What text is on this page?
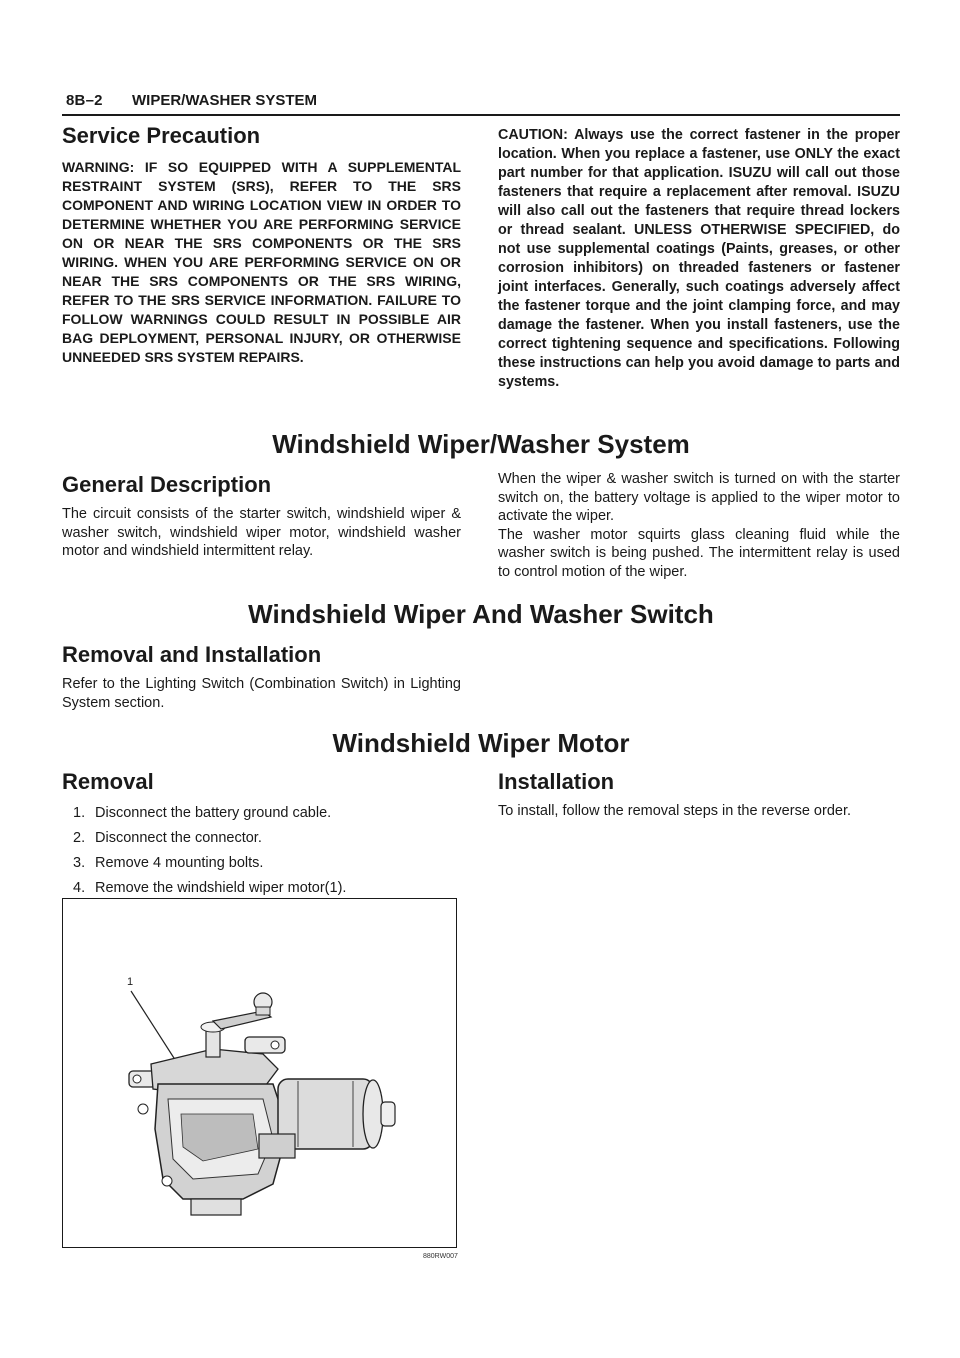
8B–2 WIPER/WASHER SYSTEM
Service Precaution

WARNING: IF SO EQUIPPED WITH A SUPPLEMENTAL RESTRAINT SYSTEM (SRS), REFER TO THE SRS COMPONENT AND WIRING LOCATION VIEW IN ORDER TO DETERMINE WHETHER YOU ARE PERFORMING SERVICE ON OR NEAR THE SRS COMPONENTS OR THE SRS WIRING. WHEN YOU ARE PERFORMING SERVICE ON OR NEAR THE SRS COMPONENTS OR THE SRS WIRING, REFER TO THE SRS SERVICE INFORMATION. FAILURE TO FOLLOW WARNINGS COULD RESULT IN POSSIBLE AIR BAG DEPLOYMENT, PERSONAL INJURY, OR OTHERWISE UNNEEDED SRS SYSTEM REPAIRS.

CAUTION: Always use the correct fastener in the proper location. When you replace a fastener, use ONLY the exact part number for that application. ISUZU will call out those fasteners that require a replacement after removal. ISUZU will also call out the fasteners that require thread lockers or thread sealant. UNLESS OTHERWISE SPECIFIED, do not use supplemental coatings (Paints, greases, or other corrosion inhibitors) on threaded fasteners or fastener joint interfaces. Generally, such coatings adversely affect the fastener torque and the joint clamping force, and may damage the fastener. When you install fasteners, use the correct tightening sequence and specifications. Following these instructions can help you avoid damage to parts and systems.

Windshield Wiper/Washer System
General Description

The circuit consists of the starter switch, windshield wiper & washer switch, windshield wiper motor, windshield washer motor and windshield intermittent relay.

When the wiper & washer switch is turned on with the starter switch on, the battery voltage is applied to the wiper motor to activate the wiper.

The washer motor squirts glass cleaning fluid while the washer switch is being pushed. The intermittent relay is used to control motion of the wiper.

Windshield Wiper And Washer Switch
Removal and Installation

Refer to the Lighting Switch (Combination Switch) in Lighting System section.

Windshield Wiper Motor
Removal
1. Disconnect the battery ground cable.
2. Disconnect the connector.
3. Remove 4 mounting bolts.
4. Remove the windshield wiper motor(1).
Installation

To install, follow the removal steps in the reverse order.

1
880RW007
